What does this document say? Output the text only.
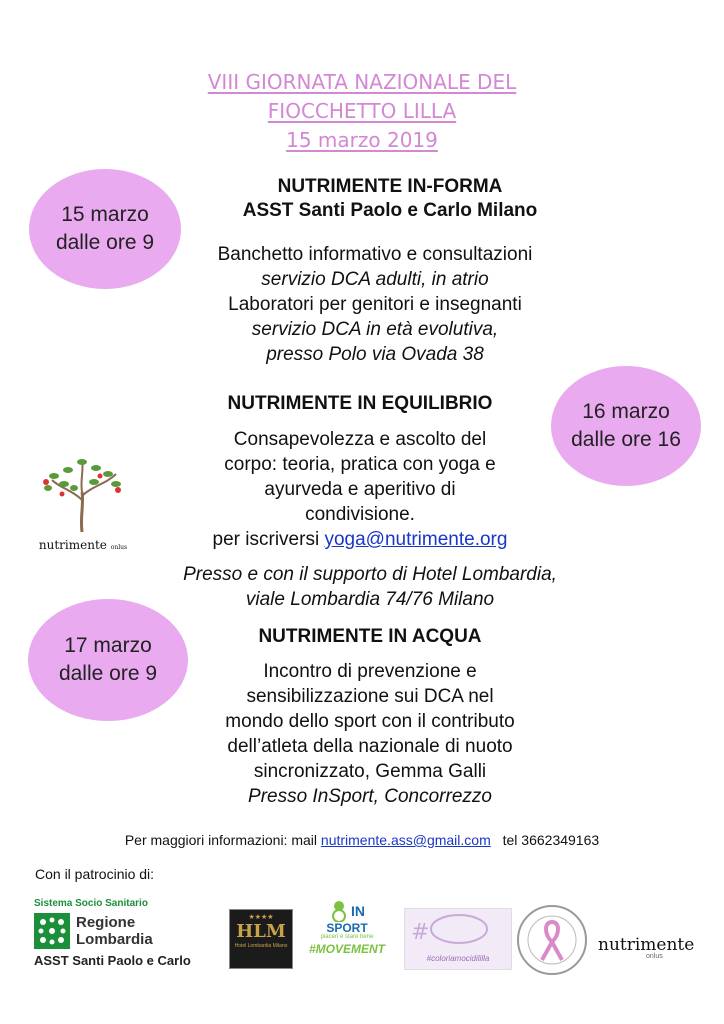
VIII GIORNATA NAZIONALE DEL
FIOCCHETTO LILLA
15 marzo 2019
15 marzo
dalle ore 9
NUTRIMENTE IN-FORMA
ASST Santi Paolo e Carlo Milano
Banchetto informativo e consultazioni
servizio DCA adulti, in atrio
Laboratori per genitori e insegnanti
servizio DCA in età evolutiva,
presso Polo via Ovada 38
16 marzo
dalle ore 16
NUTRIMENTE IN EQUILIBRIO
Consapevolezza e ascolto del
corpo: teoria, pratica con yoga e
ayurveda e aperitivo di
condivisione.
per iscriversi yoga@nutrimente.org
Presso e con il supporto di Hotel Lombardia,
viale Lombardia 74/76 Milano
nutrimente onlus
17 marzo
dalle ore 9
NUTRIMENTE IN ACQUA
Incontro di prevenzione e
sensibilizzazione sui DCA nel
mondo dello sport con il contributo
dell’atleta della nazionale di nuoto
sincronizzato, Gemma Galli
Presso InSport, Concorrezzo
Per maggiori informazioni: mail nutrimente.ass@gmail.com tel 3662349163
Con il patrocinio di:
Sistema Socio Sanitario
Regione
Lombardia
ASST Santi Paolo e Carlo
★★★★
HLM
Hotel Lombardia Milano
IN
SPORT
piaceri e stare bene
#MOVEMENT
#
#coloriamocidililla
nutrimente
onlus
